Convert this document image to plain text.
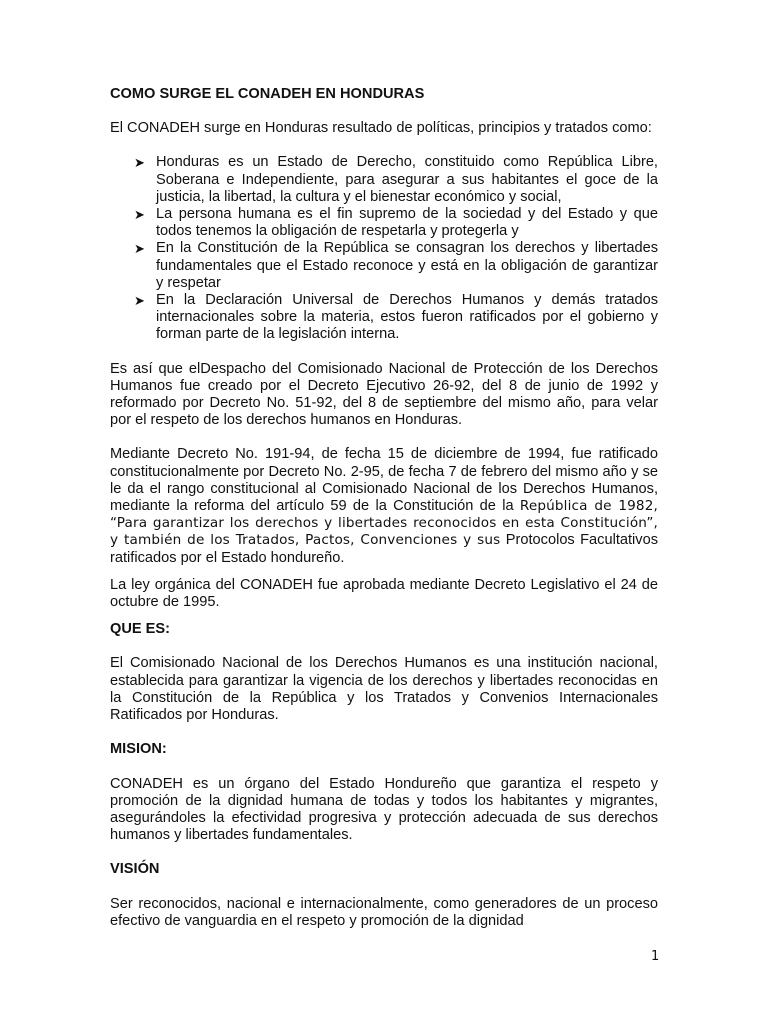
COMO SURGE EL CONADEH EN HONDURAS

El CONADEH surge en Honduras resultado de políticas, principios y tratados como:

➤ Honduras es un Estado de Derecho, constituido como República Libre, Soberana e Independiente, para asegurar a sus habitantes el goce de la justicia, la libertad, la cultura y el bienestar económico y social,
➤ La persona humana es el fin supremo de la sociedad y del Estado y que todos tenemos la obligación de respetarla y protegerla y
➤ En la Constitución de la República se consagran los derechos y libertades fundamentales que el Estado reconoce y está en la obligación de garantizar y respetar
➤ En la Declaración Universal de Derechos Humanos y demás tratados internacionales sobre la materia, estos fueron ratificados por el gobierno y forman parte de la legislación interna.

Es así que elDespacho del Comisionado Nacional de Protección de los Derechos Humanos fue creado por el Decreto Ejecutivo 26-92, del 8 de junio de 1992 y reformado por Decreto No. 51-92, del 8 de septiembre del mismo año, para velar por el respeto de los derechos humanos en Honduras.

Mediante Decreto No. 191-94, de fecha 15 de diciembre de 1994, fue ratificado constitucionalmente por Decreto No. 2-95, de fecha 7 de febrero del mismo año y se le da el rango constitucional al Comisionado Nacional de los Derechos Humanos, mediante la reforma del artículo 59 de la Constitución de la República de 1982, “Para garantizar los derechos y libertades reconocidos en esta Constitución”, y también de los Tratados, Pactos, Convenciones y sus Protocolos Facultativos ratificados por el Estado hondureño.

La ley orgánica del CONADEH fue aprobada mediante Decreto Legislativo el 24 de octubre de 1995.

QUE ES:

El Comisionado Nacional de los Derechos Humanos es una institución nacional, establecida para garantizar la vigencia de los derechos y libertades reconocidas en la Constitución de la República y los Tratados y Convenios Internacionales Ratificados por Honduras.

MISION:

CONADEH es un órgano del Estado Hondureño que garantiza el respeto y promoción de la dignidad humana de todas y todos los habitantes y migrantes, asegurándoles la efectividad progresiva y protección adecuada de sus derechos humanos y libertades fundamentales.

VISIÓN

Ser reconocidos, nacional e internacionalmente, como generadores de un proceso efectivo de vanguardia en el respeto y promoción de la dignidad

1
